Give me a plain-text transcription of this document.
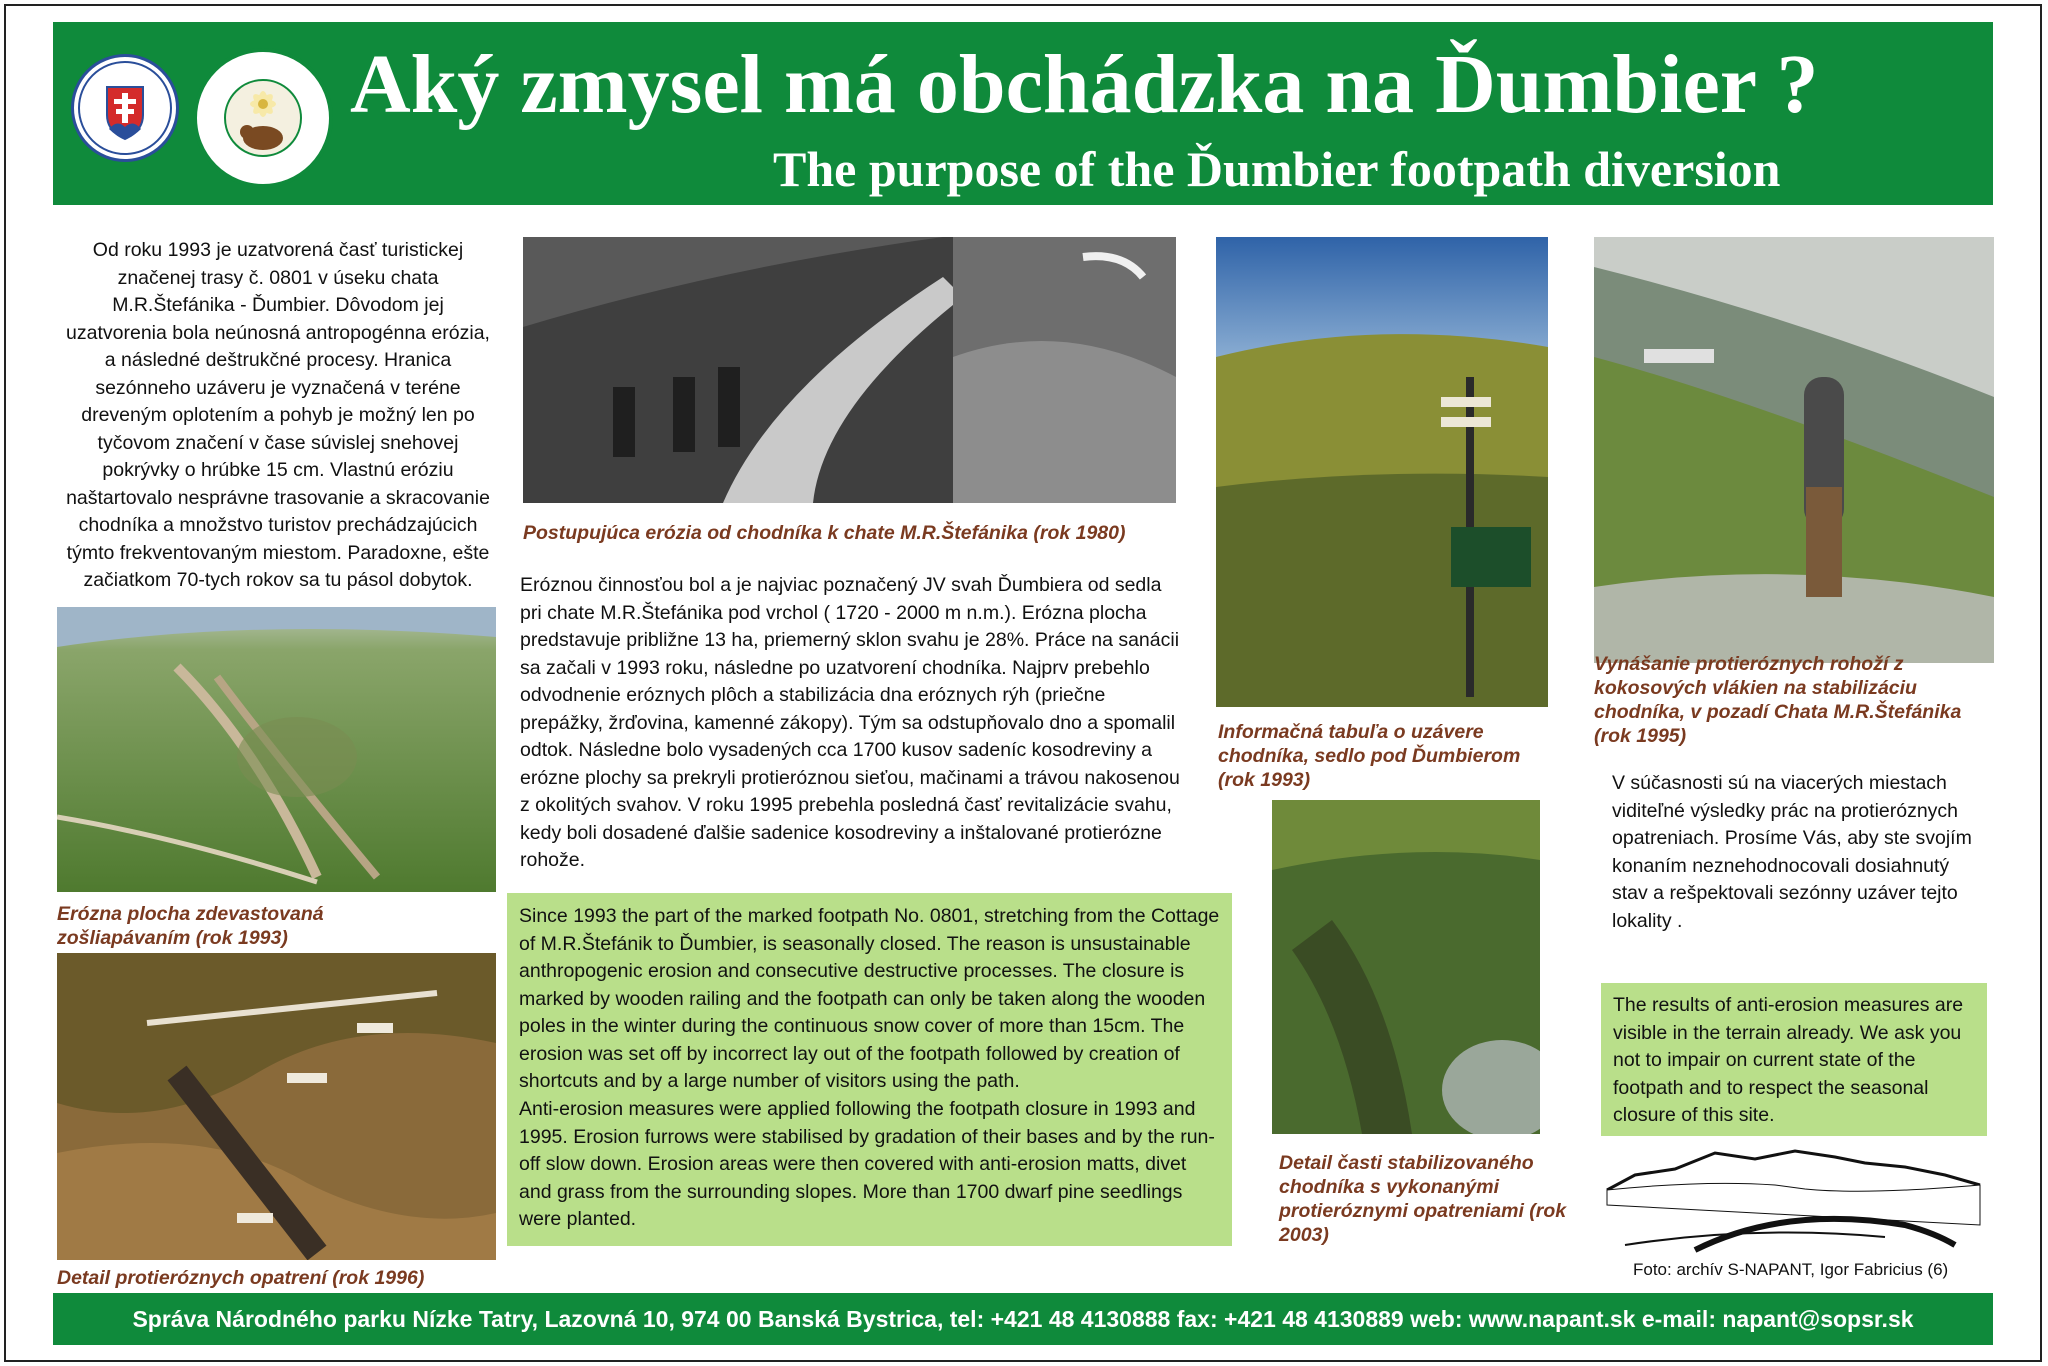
Aký zmysel má obchádzka na Ďumbier ?
The purpose of the Ďumbier footpath diversion
Od roku 1993 je uzatvorená časť turistickej značenej trasy č. 0801 v úseku chata M.R.Štefánika - Ďumbier. Dôvodom jej uzatvorenia bola neúnosná antropogénna erózia, a následné deštrukčné procesy. Hranica sezónneho uzáveru je vyznačená v teréne dreveným oplotením a pohyb je možný len po tyčovom značení v čase súvislej snehovej pokrývky o hrúbke 15 cm. Vlastnú eróziu naštartovalo nesprávne trasovanie a skracovanie chodníka a množstvo turistov prechádzajúcich týmto frekventovaným miestom. Paradoxne, ešte začiatkom 70-tych rokov sa tu pásol dobytok.
Erózna plocha zdevastovaná zošliapávaním (rok 1993)
Detail protieróznych opatrení (rok 1996)
Postupujúca erózia od chodníka k chate M.R.Štefánika (rok 1980)
Eróznou činnosťou bol a je najviac poznačený JV svah Ďumbiera od sedla pri chate M.R.Štefánika pod vrchol ( 1720 - 2000 m n.m.). Erózna plocha predstavuje približne 13 ha, priemerný sklon svahu je 28%. Práce na sanácii sa začali v 1993 roku, následne po uzatvorení chodníka. Najprv prebehlo odvodnenie eróznych plôch a stabilizácia dna eróznych rýh (priečne prepážky, žrďovina, kamenné zákopy). Tým sa odstupňovalo dno a spomalil odtok. Následne bolo vysadených cca 1700 kusov sadeníc kosodreviny a erózne plochy sa prekryli protieróznou sieťou, mačinami a trávou nakosenou z okolitých svahov. V roku 1995 prebehla posledná časť revitalizácie svahu, kedy boli dosadené ďalšie sadenice kosodreviny a inštalované protierózne rohože.
Since 1993 the part of the marked footpath No. 0801, stretching from the Cottage of M.R.Štefánik to Ďumbier, is seasonally closed. The reason is unsustainable anthropogenic erosion and consecutive destructive processes. The closure is marked by wooden railing and the footpath can only be taken along the wooden poles in the winter during the continuous snow cover of more than 15cm. The erosion was set off by incorrect lay out of the footpath followed by creation of shortcuts and by a large number of visitors using the path.
Anti-erosion measures were applied following the footpath closure in 1993 and 1995. Erosion furrows were stabilised by gradation of their bases and by the run-off slow down. Erosion areas were then covered with anti-erosion matts, divet and grass from the surrounding slopes. More than 1700 dwarf pine seedlings were planted.
Informačná tabuľa o uzávere chodníka, sedlo pod Ďumbierom (rok 1993)
Detail časti stabilizovaného chodníka s vykonanými protieróznymi opatreniami (rok 2003)
Vynášanie protieróznych rohoží z kokosových vlákien na stabilizáciu chodníka, v pozadí Chata M.R.Štefánika (rok 1995)
V súčasnosti sú na viacerých miestach viditeľné výsledky prác na protieróznych opatreniach. Prosíme Vás, aby ste svojím konaním neznehodnocovali dosiahnutý stav a rešpektovali sezónny uzáver tejto lokality .
The results of anti-erosion measures are visible in the terrain already. We ask you not to impair on current state of the footpath and to respect the seasonal closure of this site.
Foto: archív S-NAPANT, Igor Fabricius (6)
Správa Národného parku Nízke Tatry, Lazovná 10, 974 00 Banská Bystrica, tel: +421 48 4130888 fax: +421 48 4130889 web: www.napant.sk e-mail: napant@sopsr.sk
